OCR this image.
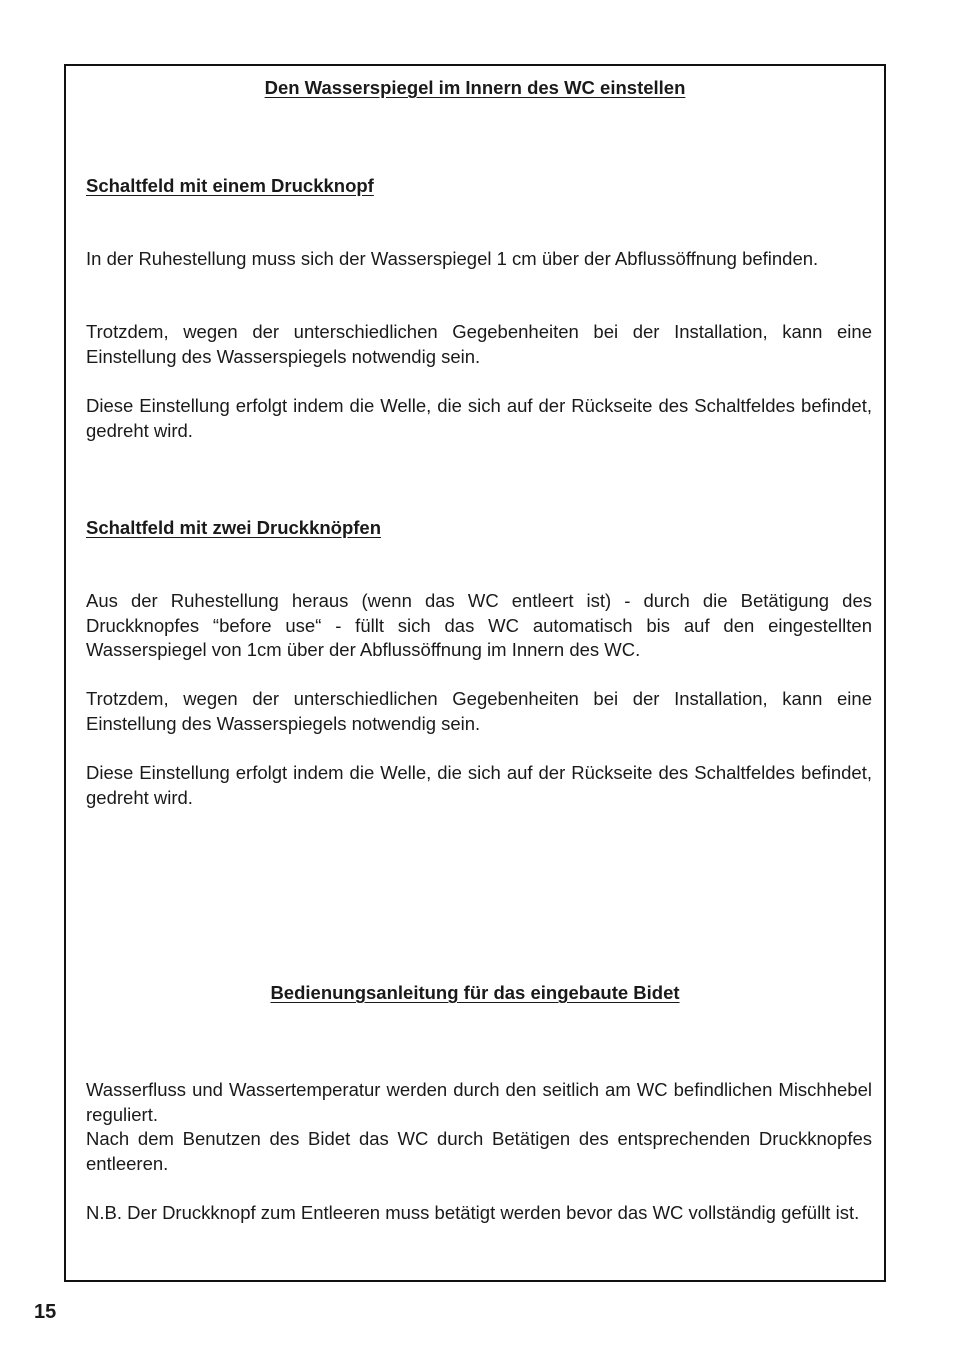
Den Wasserspiegel im Innern des WC einstellen
Schaltfeld mit einem Druckknopf

In der Ruhestellung muss sich der Wasserspiegel 1 cm über der Abflussöffnung befinden.

Trotzdem, wegen der unterschiedlichen Gegebenheiten bei der Installation, kann eine Einstellung des Wasserspiegels notwendig sein.

Diese Einstellung erfolgt indem die Welle, die sich auf der Rückseite des Schaltfeldes befindet, gedreht wird.

Schaltfeld mit zwei Druckknöpfen

Aus der Ruhestellung heraus (wenn das WC entleert ist) - durch die Betätigung des Druckknopfes “before use“ - füllt sich das WC automatisch bis auf den eingestellten Wasserspiegel von 1cm über der Abflussöffnung im Innern des WC.

Trotzdem, wegen der unterschiedlichen Gegebenheiten bei der Installation, kann eine Einstellung des Wasserspiegels notwendig sein.

Diese Einstellung erfolgt indem die Welle, die sich auf der Rückseite des Schaltfeldes befindet, gedreht wird.

Bedienungsanleitung für das eingebaute Bidet

Wasserfluss und Wassertemperatur werden durch den seitlich am WC befindlichen Mischhebel reguliert.

Nach dem Benutzen des Bidet das WC durch Betätigen des entsprechenden Druckknopfes entleeren.

N.B. Der Druckknopf zum Entleeren muss betätigt werden bevor das WC vollständig gefüllt ist.

15
